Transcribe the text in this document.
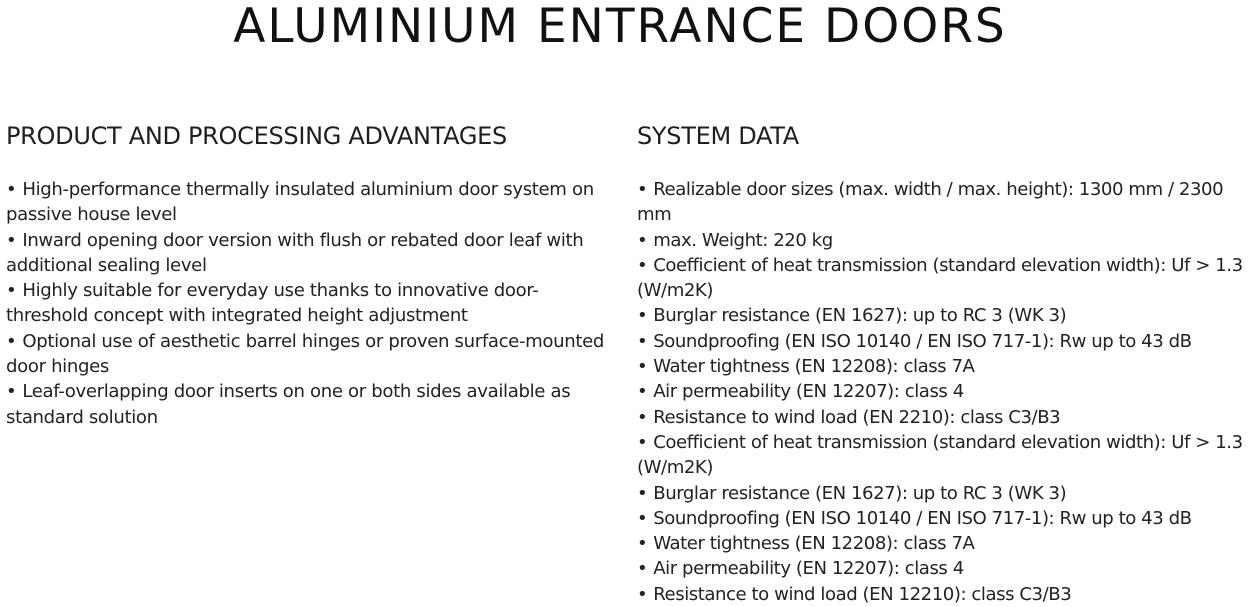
ALUMINIUM ENTRANCE DOORS
PRODUCT AND PROCESSING ADVANTAGES
• High-performance thermally insulated aluminium door system on passive house level
• Inward opening door version with flush or rebated door leaf with additional sealing level
• Highly suitable for everyday use thanks to innovative door-threshold concept with integrated height adjustment
• Optional use of aesthetic barrel hinges or proven surface-mounted door hinges
• Leaf-overlapping door inserts on one or both sides available as standard solution
SYSTEM DATA
• Realizable door sizes (max. width / max. height): 1300 mm / 2300 mm
• max. Weight: 220 kg
• Coefficient of heat transmission (standard elevation width): Uf > 1.3 (W/m2K)
• Burglar resistance (EN 1627): up to RC 3 (WK 3)
• Soundproofing (EN ISO 10140 / EN ISO 717-1): Rw up to 43 dB
• Water tightness (EN 12208): class 7A
• Air permeability (EN 12207): class 4
• Resistance to wind load (EN 2210): class C3/B3
• Coefficient of heat transmission (standard elevation width): Uf > 1.3 (W/m2K)
• Burglar resistance (EN 1627): up to RC 3 (WK 3)
• Soundproofing (EN ISO 10140 / EN ISO 717-1): Rw up to 43 dB
• Water tightness (EN 12208): class 7A
• Air permeability (EN 12207): class 4
• Resistance to wind load (EN 12210): class C3/B3
